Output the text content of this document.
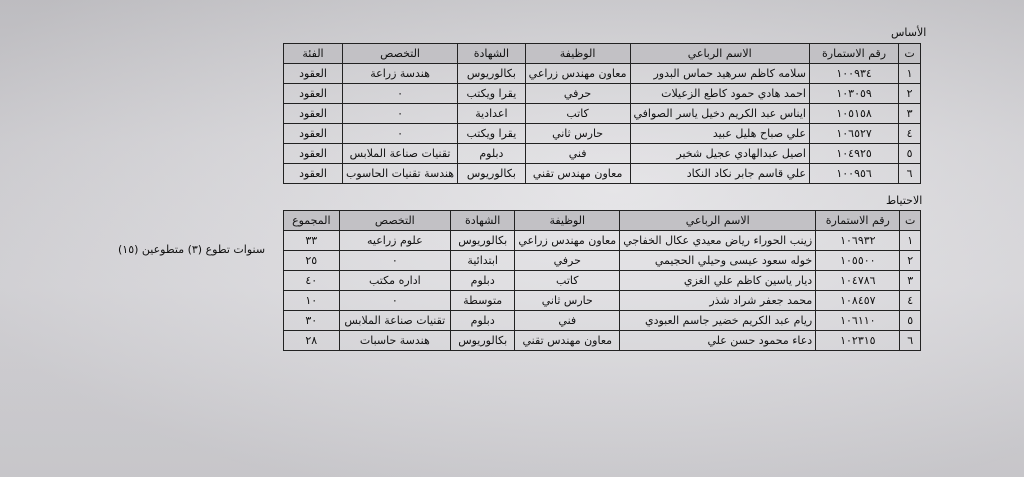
الأساس
ت	رقم الاستمارة	الاسم الرباعي	الوظيفة	الشهادة	التخصص	الفئة
١	١٠٠٩٣٤	سلامه كاظم سرهيد حماس البدور	معاون مهندس زراعي	بكالوريوس	هندسة زراعة	العقود
٢	١٠٣٠٥٩	احمد هادي حمود كاطع الزعيلات	حرفي	يقرا ويكتب	٠	العقود
٣	١٠٥١٥٨	ايناس عبد الكريم دخيل ياسر الصوافي	كاتب	اعدادية	٠	العقود
٤	١٠٦٥٢٧	علي صباح هليل عبيد	حارس ثاني	يقرا ويكتب	٠	العقود
٥	١٠٤٩٢٥	اصيل عبدالهادي عجيل شخير	فني	دبلوم	تقنيات صناعة الملابس	العقود
٦	١٠٠٩٥٦	علي قاسم جابر نكاد النكاد	معاون مهندس تقني	بكالوريوس	هندسة تقنيات الحاسوب	العقود
الاحتياط
ت	رقم الاستمارة	الاسم الرباعي	الوظيفة	الشهادة	التخصص	المجموع
١	١٠٦٩٣٢	زينب الحوراء رياض معيدي عكال الخفاجي	معاون مهندس زراعي	بكالوريوس	علوم زراعيه	٣٣
٢	١٠٥٥٠٠	خوله سعود عيسى وحيلي الحجيمي	حرفي	ابتدائية	٠	٢٥
٣	١٠٤٧٨٦	ديار ياسين كاظم علي الغزي	كاتب	دبلوم	اداره مكتب	٤٠
٤	١٠٨٤٥٧	محمد جعفر شراد شذر	حارس ثاني	متوسطة	٠	١٠
٥	١٠٦١١٠	ريام عبد الكريم خضير جاسم العبودي	فني	دبلوم	تقنيات صناعة الملابس	٣٠
٦	١٠٢٣١٥	دعاء محمود حسن علي	معاون مهندس تقني	بكالوريوس	هندسة حاسبات	٢٨
سنوات تطوع (٣) متطوعين (١٥)
